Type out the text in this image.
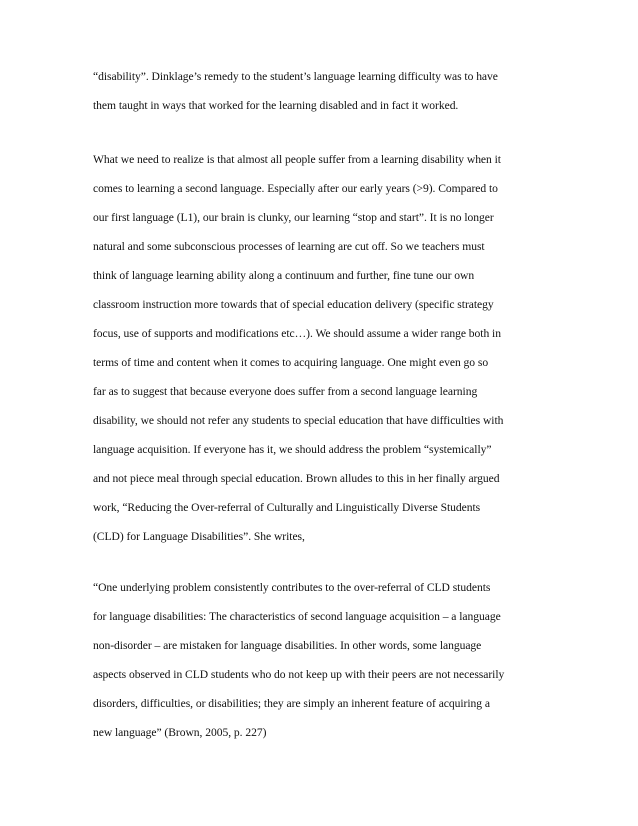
“disability”. Dinklage’s remedy to the student’s language learning difficulty was to have
them taught in ways that worked for the learning disabled and in fact it worked.
What we need to realize is that almost all people suffer from a learning disability when it
comes to learning a second language. Especially after our early years (>9). Compared to
our first language (L1), our brain is clunky, our learning “stop and start”. It is no longer
natural and some subconscious processes of learning are cut off. So we teachers must
think of language learning ability along a continuum and further, fine tune our own
classroom instruction more towards that of special education delivery (specific strategy
focus, use of supports and modifications etc…). We should assume a wider range both in
terms of time and content when it comes to acquiring language. One might even go so
far as to suggest that because everyone does suffer from a second language learning
disability, we should not refer any students to special education that have difficulties with
language acquisition. If everyone has it, we should address the problem “systemically”
and not piece meal through special education. Brown alludes to this in her finally argued
work, “Reducing the Over-referral of Culturally and Linguistically Diverse Students
(CLD) for Language Disabilities”. She writes,
“One underlying problem consistently contributes to the over-referral of CLD students
for language disabilities: The characteristics of second language acquisition – a language
non-disorder – are mistaken for language disabilities. In other words, some language
aspects observed in CLD students who do not keep up with their peers are not necessarily
disorders, difficulties, or disabilities; they are simply an inherent feature of acquiring a
new language” (Brown, 2005, p. 227)
